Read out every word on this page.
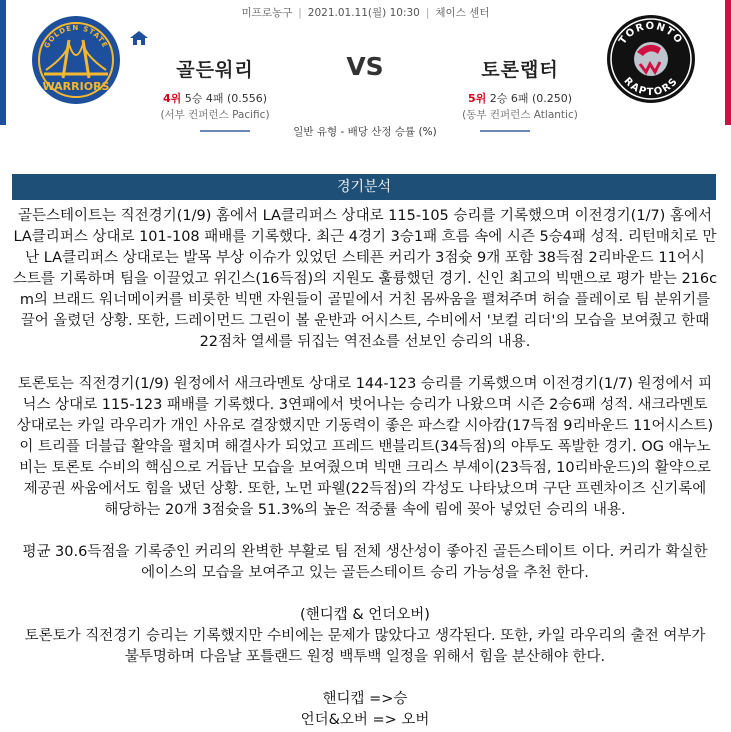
미프로농구 | 2021.01.11(월) 10:30 | 체이스 센터
GOLDEN STATE
WARRIORS
골든워리
4위 5승 4패 (0.556)
(서부 컨퍼런스 Pacific)
VS	토론랩터
5위 2승 6패 (0.250)
(동부 컨퍼런스 Atlantic)
TORONTO
RAPTORS
일반 유형 - 배당 산정 승률 (%)
경기분석
골든스테이트는 직전경기(1/9) 홈에서 LA클리퍼스 상대로 115-105 승리를 기록했으며 이전경기(1/7) 홈에서
LA클리퍼스 상대로 101-108 패배를 기록했다. 최근 4경기 3승1패 흐름 속에 시즌 5승4패 성적. 리턴매치로 만
난 LA클리퍼스 상대로는 발목 부상 이슈가 있었던 스테픈 커리가 3점슛 9개 포함 38득점 2리바운드 11어시
스트를 기록하며 팀을 이끌었고 위긴스(16득점)의 지원도 훌륭했던 경기. 신인 최고의 빅맨으로 평가 받는 216c
m의 브래드 워너메이커를 비롯한 빅맨 자원들이 골밑에서 거친 몸싸움을 펼쳐주며 허슬 플레이로 팀 분위기를
끌어 올렸던 상황. 또한, 드레이먼드 그린이 볼 운반과 어시스트, 수비에서 '보컬 리더'의 모습을 보여줬고 한때
22점차 열세를 뒤집는 역전쇼를 선보인 승리의 내용.
토론토는 직전경기(1/9) 원정에서 새크라멘토 상대로 144-123 승리를 기록했으며 이전경기(1/7) 원정에서 피
닉스 상대로 115-123 패배를 기록했다. 3연패에서 벗어나는 승리가 나왔으며 시즌 2승6패 성적. 새크라멘토
상대로는 카일 라우리가 개인 사유로 결장했지만 기동력이 좋은 파스칼 시아캄(17득점 9리바운드 11어시스트)
이 트리플 더블급 활약을 펼치며 해결사가 되었고 프레드 밴블리트(34득점)의 야투도 폭발한 경기. OG 애누노
비는 토론토 수비의 핵심으로 거듭난 모습을 보여줬으며 빅맨 크리스 부셰이(23득점, 10리바운드)의 활약으로
제공권 싸움에서도 힘을 냈던 상황. 또한, 노먼 파웰(22득점)의 각성도 나타났으며 구단 프렌차이즈 신기록에
해당하는 20개 3점슛을 51.3%의 높은 적중률 속에 림에 꽂아 넣었던 승리의 내용.
평균 30.6득점을 기록중인 커리의 완벽한 부활로 팀 전체 생산성이 좋아진 골든스테이트 이다. 커리가 확실한
에이스의 모습을 보여주고 있는 골든스테이트 승리 가능성을 추천 한다.
(핸디캡 & 언더오버)
토론토가 직전경기 승리는 기록했지만 수비에는 문제가 많았다고 생각된다. 또한, 카일 라우리의 출전 여부가
불투명하며 다음날 포틀랜드 원정 백투백 일정을 위해서 힘을 분산해야 한다.
핸디캡 =>승
언더&오버 => 오버
